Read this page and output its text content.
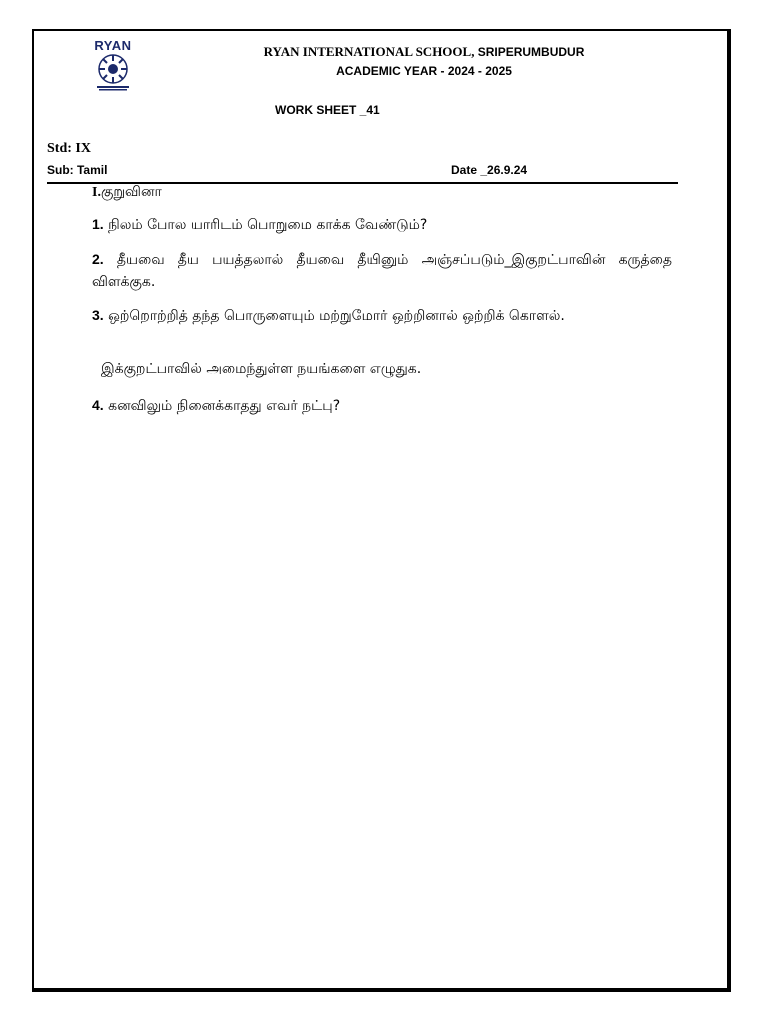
RYAN	RYAN INTERNATIONAL SCHOOL, SRIPERUMBUDUR
ACADEMIC YEAR - 2024 - 2025
WORK SHEET _41
Std: IX
Sub: Tamil	Date _26.9.24
I.குறுவினா
1. நிலம் போல யாரிடம் பொறுமை காக்க வேண்டும்?
2. தீயவை தீய பயத்தலால் தீயவை தீயினும் அஞ்சப்படும்_இகுறட்பாவின் கருத்தை விளக்குக.
3. ஒற்றொற்றித் தந்த பொருளையும் மற்றுமோர் ஒற்றினால் ஒற்றிக் கொளல்.
இக்குறட்பாவில் அமைந்துள்ள நயங்களை எழுதுக.
4. கனவிலும் நினைக்காதது எவர் நட்பு?
